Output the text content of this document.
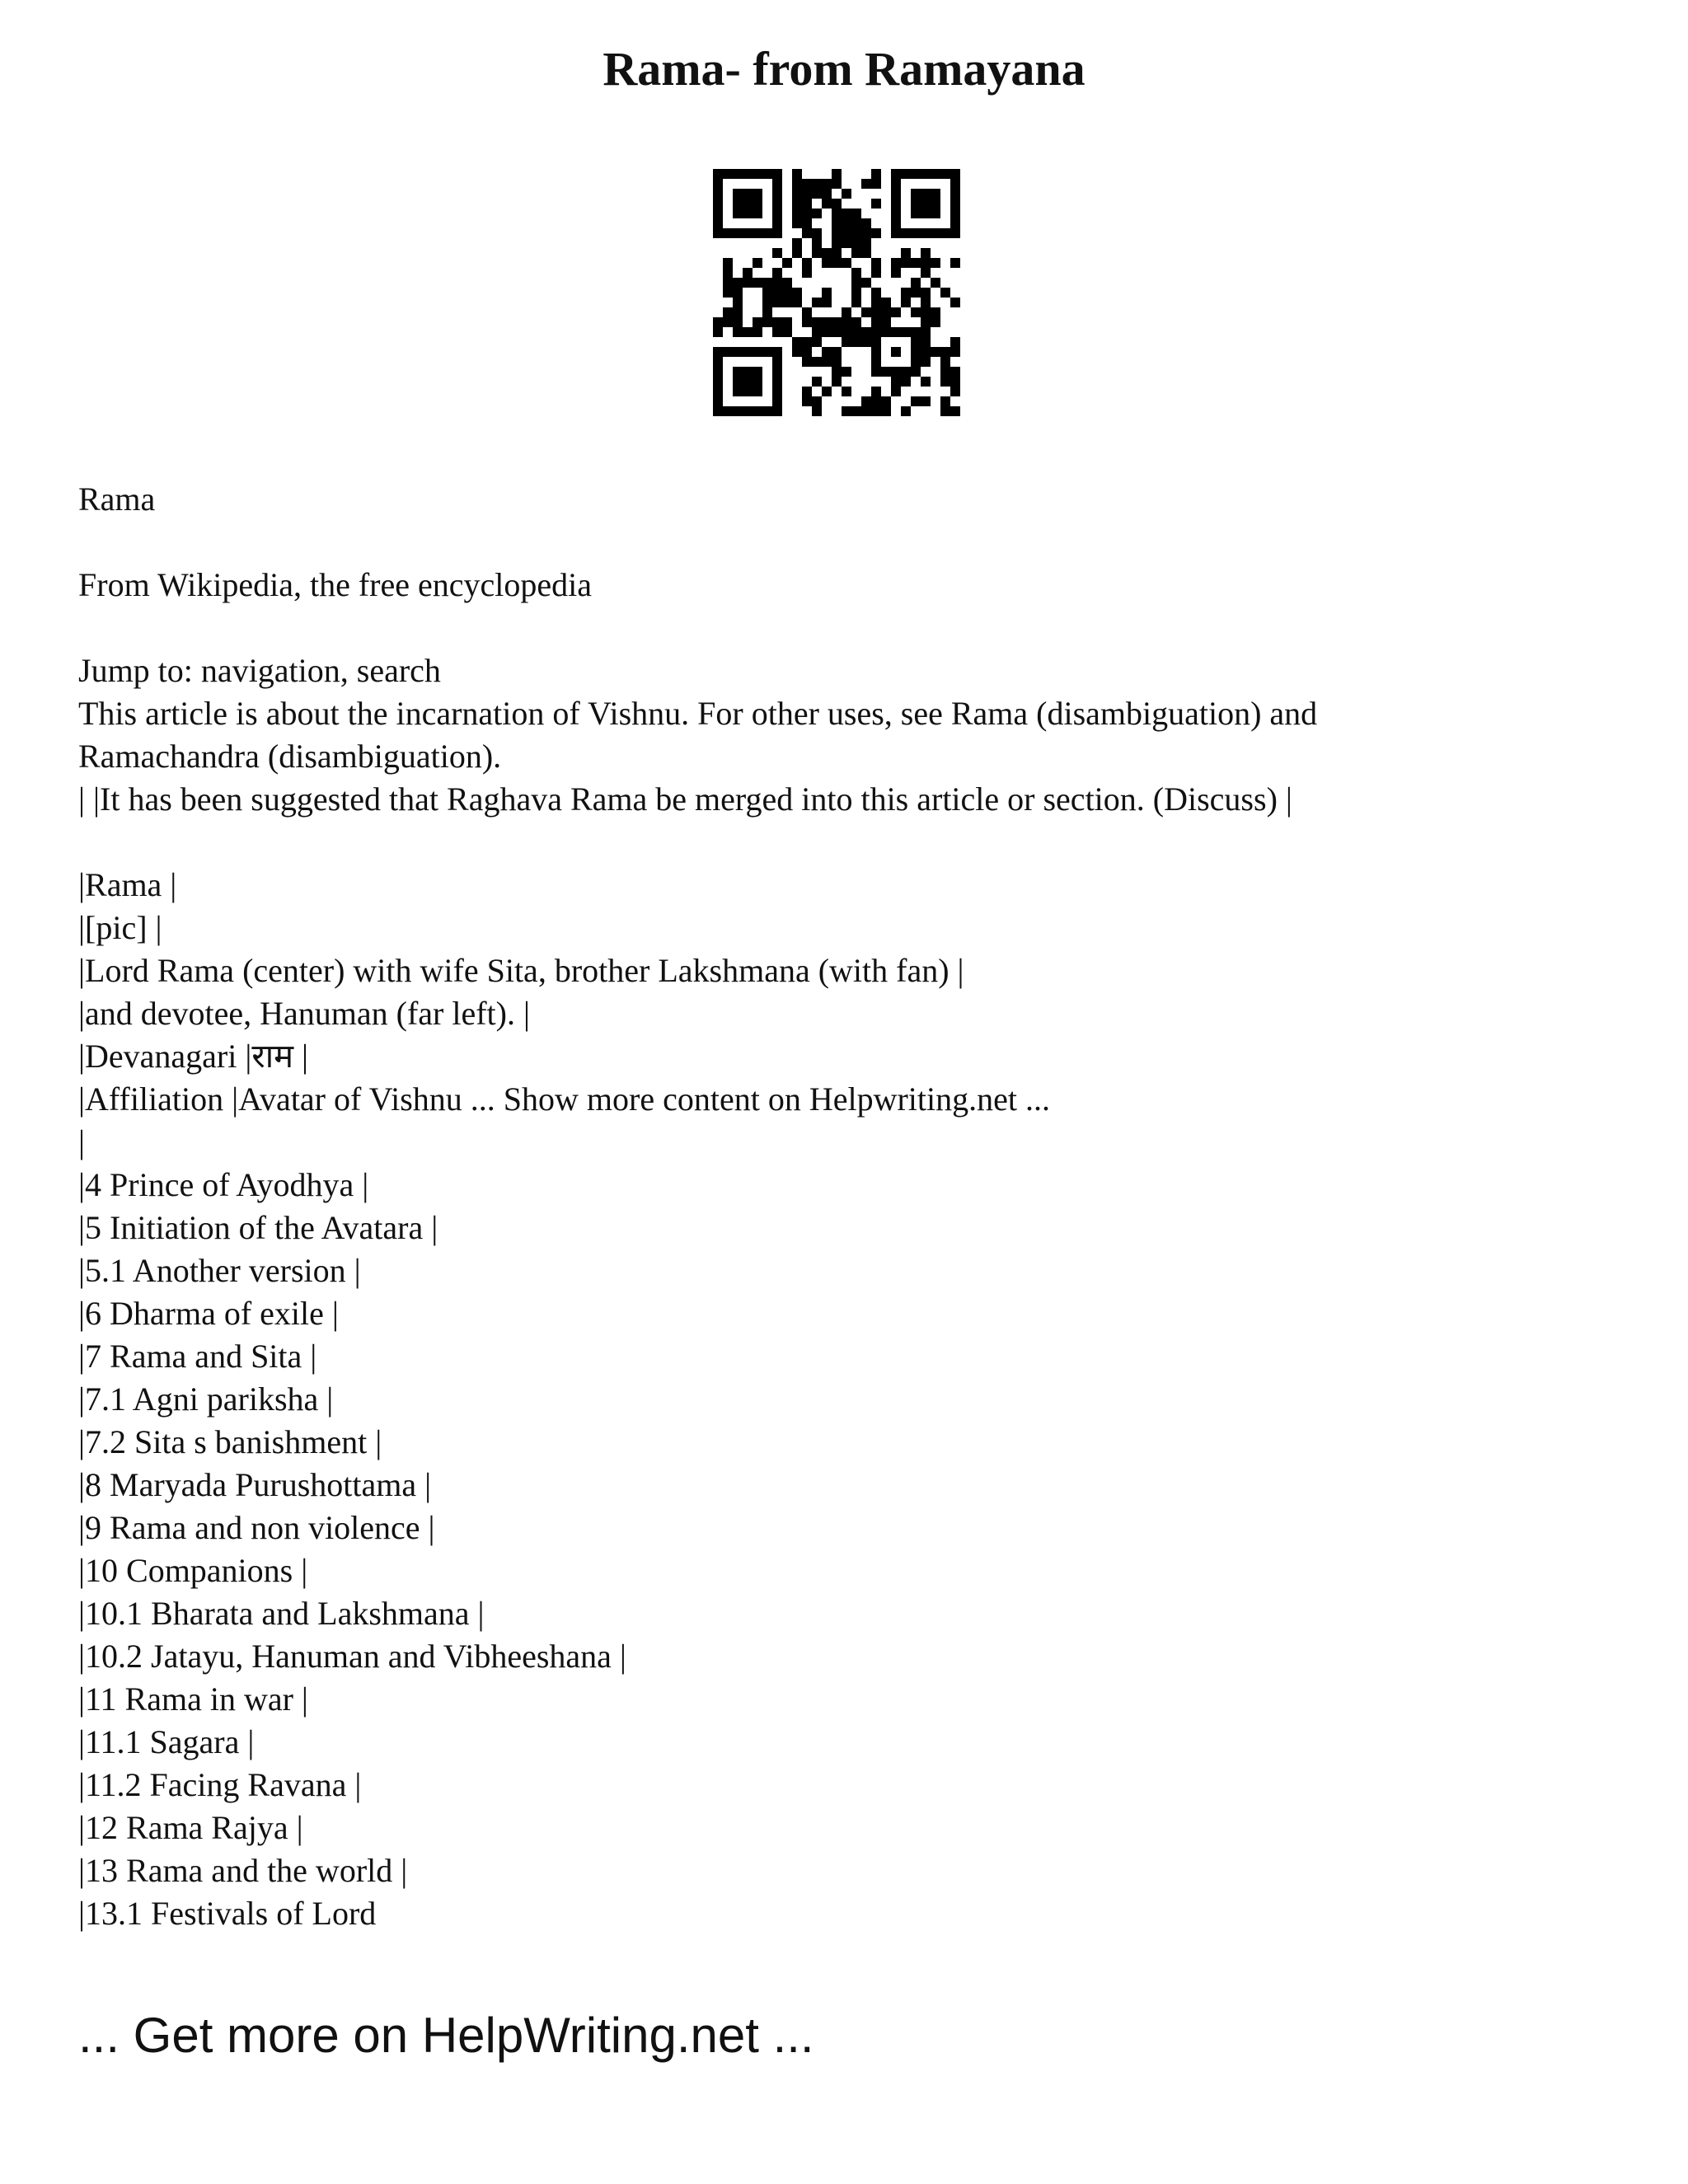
Rama- from Ramayana
Rama
From Wikipedia, the free encyclopedia
Jump to: navigation, search
This article is about the incarnation of Vishnu. For other uses, see Rama (disambiguation) and
Ramachandra (disambiguation).
| |It has been suggested that Raghava Rama be merged into this article or section. (Discuss) |
|Rama |
|[pic] |
|Lord Rama (center) with wife Sita, brother Lakshmana (with fan) |
|and devotee, Hanuman (far left). |
|Devanagari |राम |
|Affiliation |Avatar of Vishnu ... Show more content on Helpwriting.net ...
|
|4 Prince of Ayodhya |
|5 Initiation of the Avatara |
|5.1 Another version |
|6 Dharma of exile |
|7 Rama and Sita |
|7.1 Agni pariksha |
|7.2 Sita s banishment |
|8 Maryada Purushottama |
|9 Rama and non violence |
|10 Companions |
|10.1 Bharata and Lakshmana |
|10.2 Jatayu, Hanuman and Vibheeshana |
|11 Rama in war |
|11.1 Sagara |
|11.2 Facing Ravana |
|12 Rama Rajya |
|13 Rama and the world |
|13.1 Festivals of Lord
... Get more on HelpWriting.net ...
